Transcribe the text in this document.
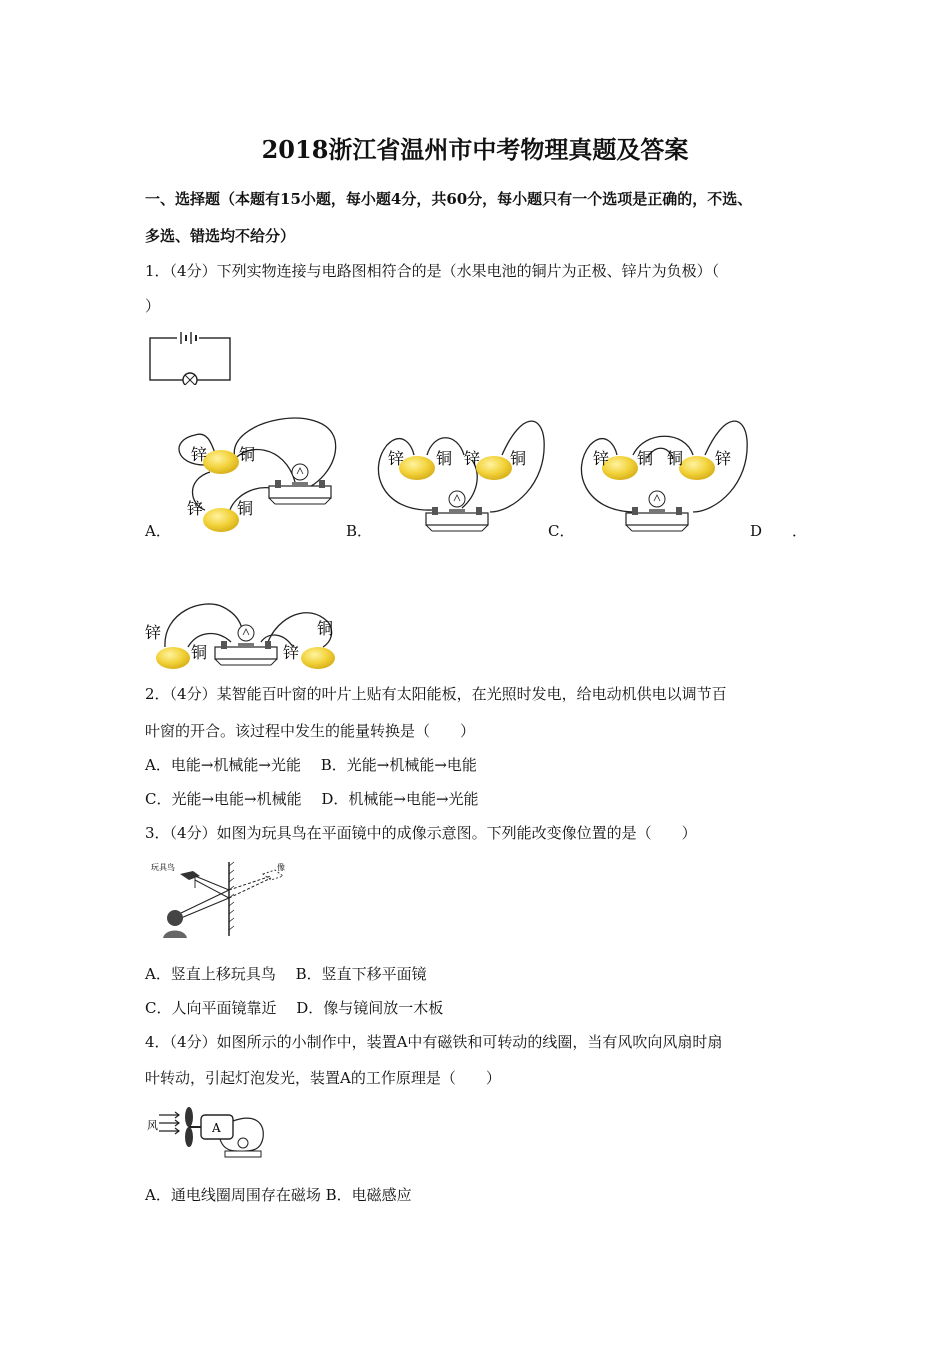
2018浙江省温州市中考物理真题及答案
一、选择题（本题有15小题，每小题4分，共60分，每小题只有一个选项是正确的，不选、
多选、错选均不给分）
1．（4分）下列实物连接与电路图相符合的是（水果电池的铜片为正极、锌片为负极）（
）
锌 铜
锌 铜
A．
锌 铜 锌 铜
B．
锌 铜 铜 锌
C．	D　　．
锌
铜	锌
铜
2．（4分）某智能百叶窗的叶片上贴有太阳能板，在光照时发电，给电动机供电以调节百
叶窗的开合。该过程中发生的能量转换是（　　）
A．电能→机械能→光能　 B．光能→机械能→电能
C．光能→电能→机械能　 D．机械能→电能→光能
3．（4分）如图为玩具鸟在平面镜中的成像示意图。下列能改变像位置的是（　　）
玩具鸟	像
A．竖直上移玩具鸟　 B．竖直下移平面镜
C．人向平面镜靠近　 D．像与镜间放一木板
4．（4分）如图所示的小制作中，装置A中有磁铁和可转动的线圈，当有风吹向风扇时扇
叶转动，引起灯泡发光，装置A的工作原理是（　　）
风	A
A．通电线圈周围存在磁场 B．电磁感应
